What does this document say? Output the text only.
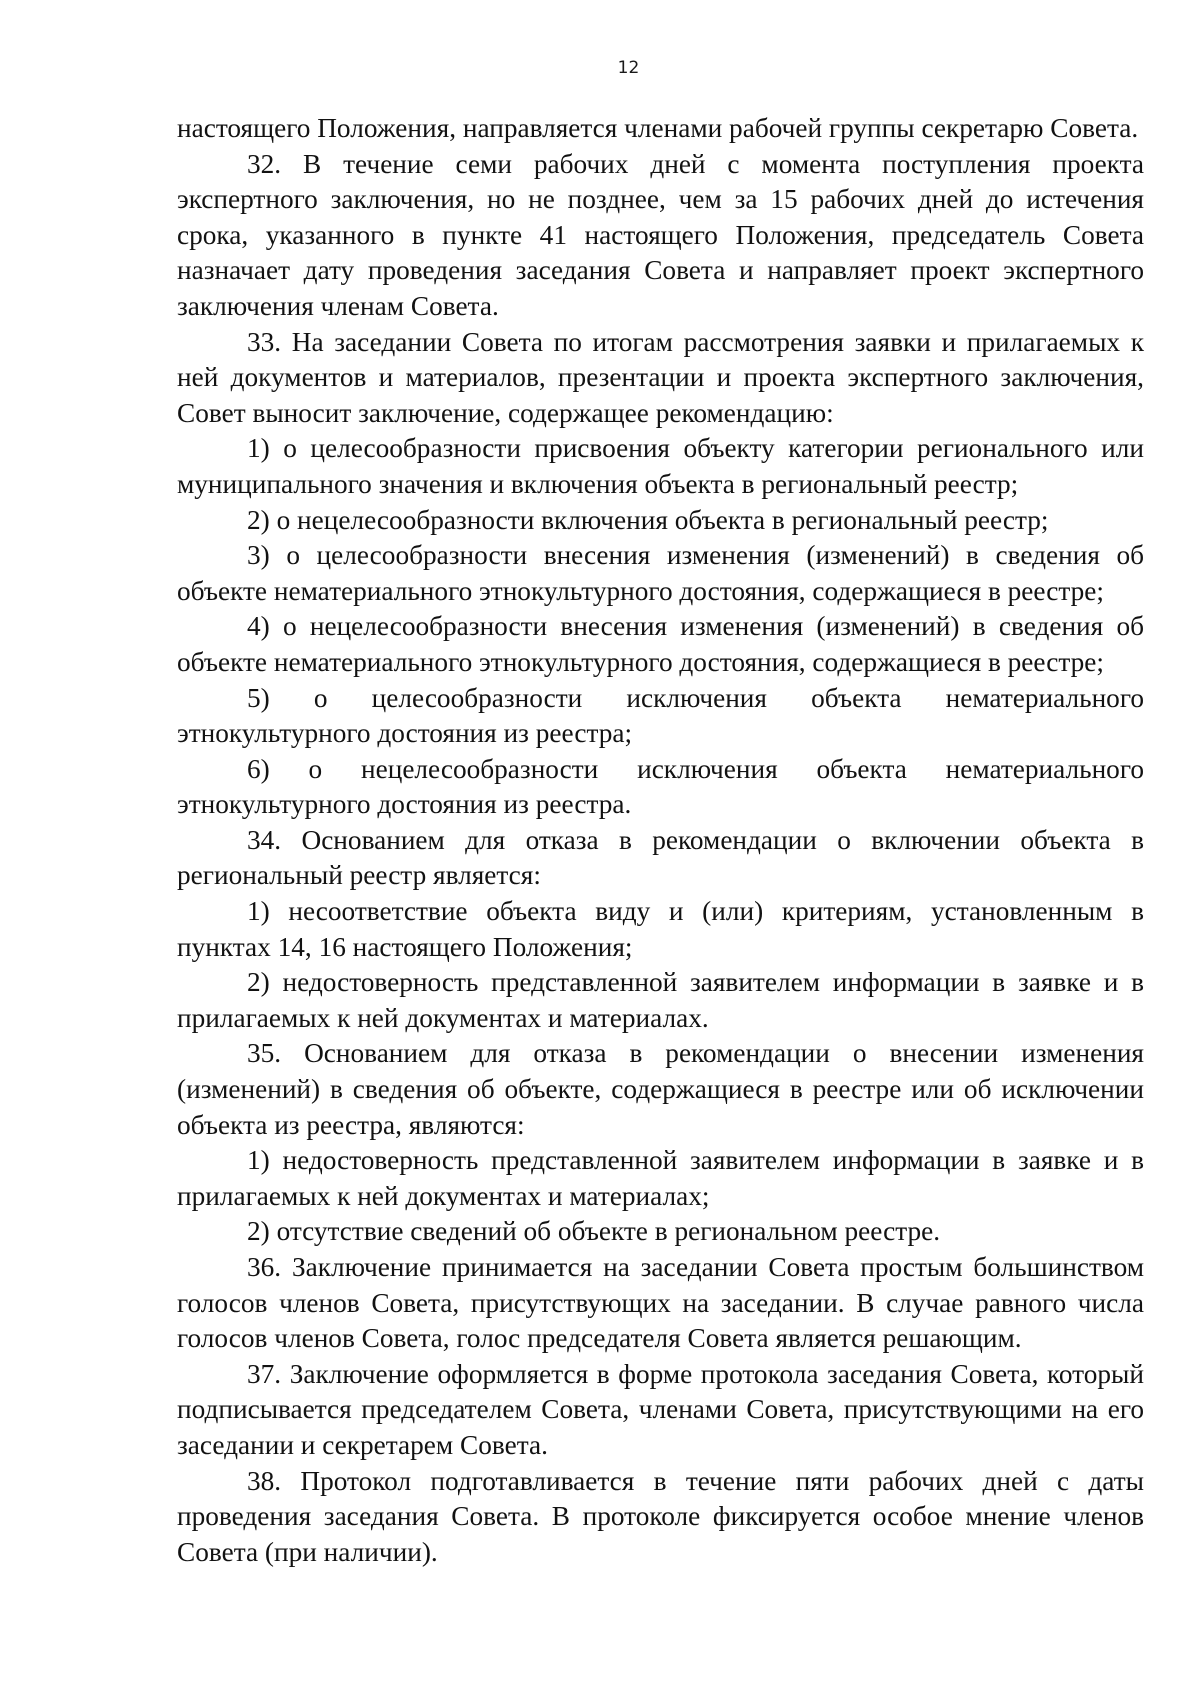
12

настоящего Положения, направляется членами рабочей группы секретарю Совета.

32. В течение семи рабочих дней с момента поступления проекта экспертного заключения, но не позднее, чем за 15 рабочих дней до истечения срока, указанного в пункте 41 настоящего Положения, председатель Совета назначает дату проведения заседания Совета и направляет проект экспертного заключения членам Совета.

33. На заседании Совета по итогам рассмотрения заявки и прилагаемых к ней документов и материалов, презентации и проекта экспертного заключения, Совет выносит заключение, содержащее рекомендацию:

1) о целесообразности присвоения объекту категории регионального или муниципального значения и включения объекта в региональный реестр;

2) о нецелесообразности включения объекта в региональный реестр;

3) о целесообразности внесения изменения (изменений) в сведения об объекте нематериального этнокультурного достояния, содержащиеся в реестре;

4) о нецелесообразности внесения изменения (изменений) в сведения об объекте нематериального этнокультурного достояния, содержащиеся в реестре;

5) о целесообразности исключения объекта нематериального этнокультурного достояния из реестра;

6) о нецелесообразности исключения объекта нематериального этнокультурного достояния из реестра.

34. Основанием для отказа в рекомендации о включении объекта в региональный реестр является:

1) несоответствие объекта виду и (или) критериям, установленным в пунктах 14, 16 настоящего Положения;

2) недостоверность представленной заявителем информации в заявке и в прилагаемых к ней документах и материалах.

35. Основанием для отказа в рекомендации о внесении изменения (изменений) в сведения об объекте, содержащиеся в реестре или об исключении объекта из реестра, являются:

1) недостоверность представленной заявителем информации в заявке и в прилагаемых к ней документах и материалах;

2) отсутствие сведений об объекте в региональном реестре.

36. Заключение принимается на заседании Совета простым большинством голосов членов Совета, присутствующих на заседании. В случае равного числа голосов членов Совета, голос председателя Совета является решающим.

37. Заключение оформляется в форме протокола заседания Совета, который подписывается председателем Совета, членами Совета, присутствующими на его заседании и секретарем Совета.

38. Протокол подготавливается в течение пяти рабочих дней с даты проведения заседания Совета. В протоколе фиксируется особое мнение членов Совета (при наличии).
